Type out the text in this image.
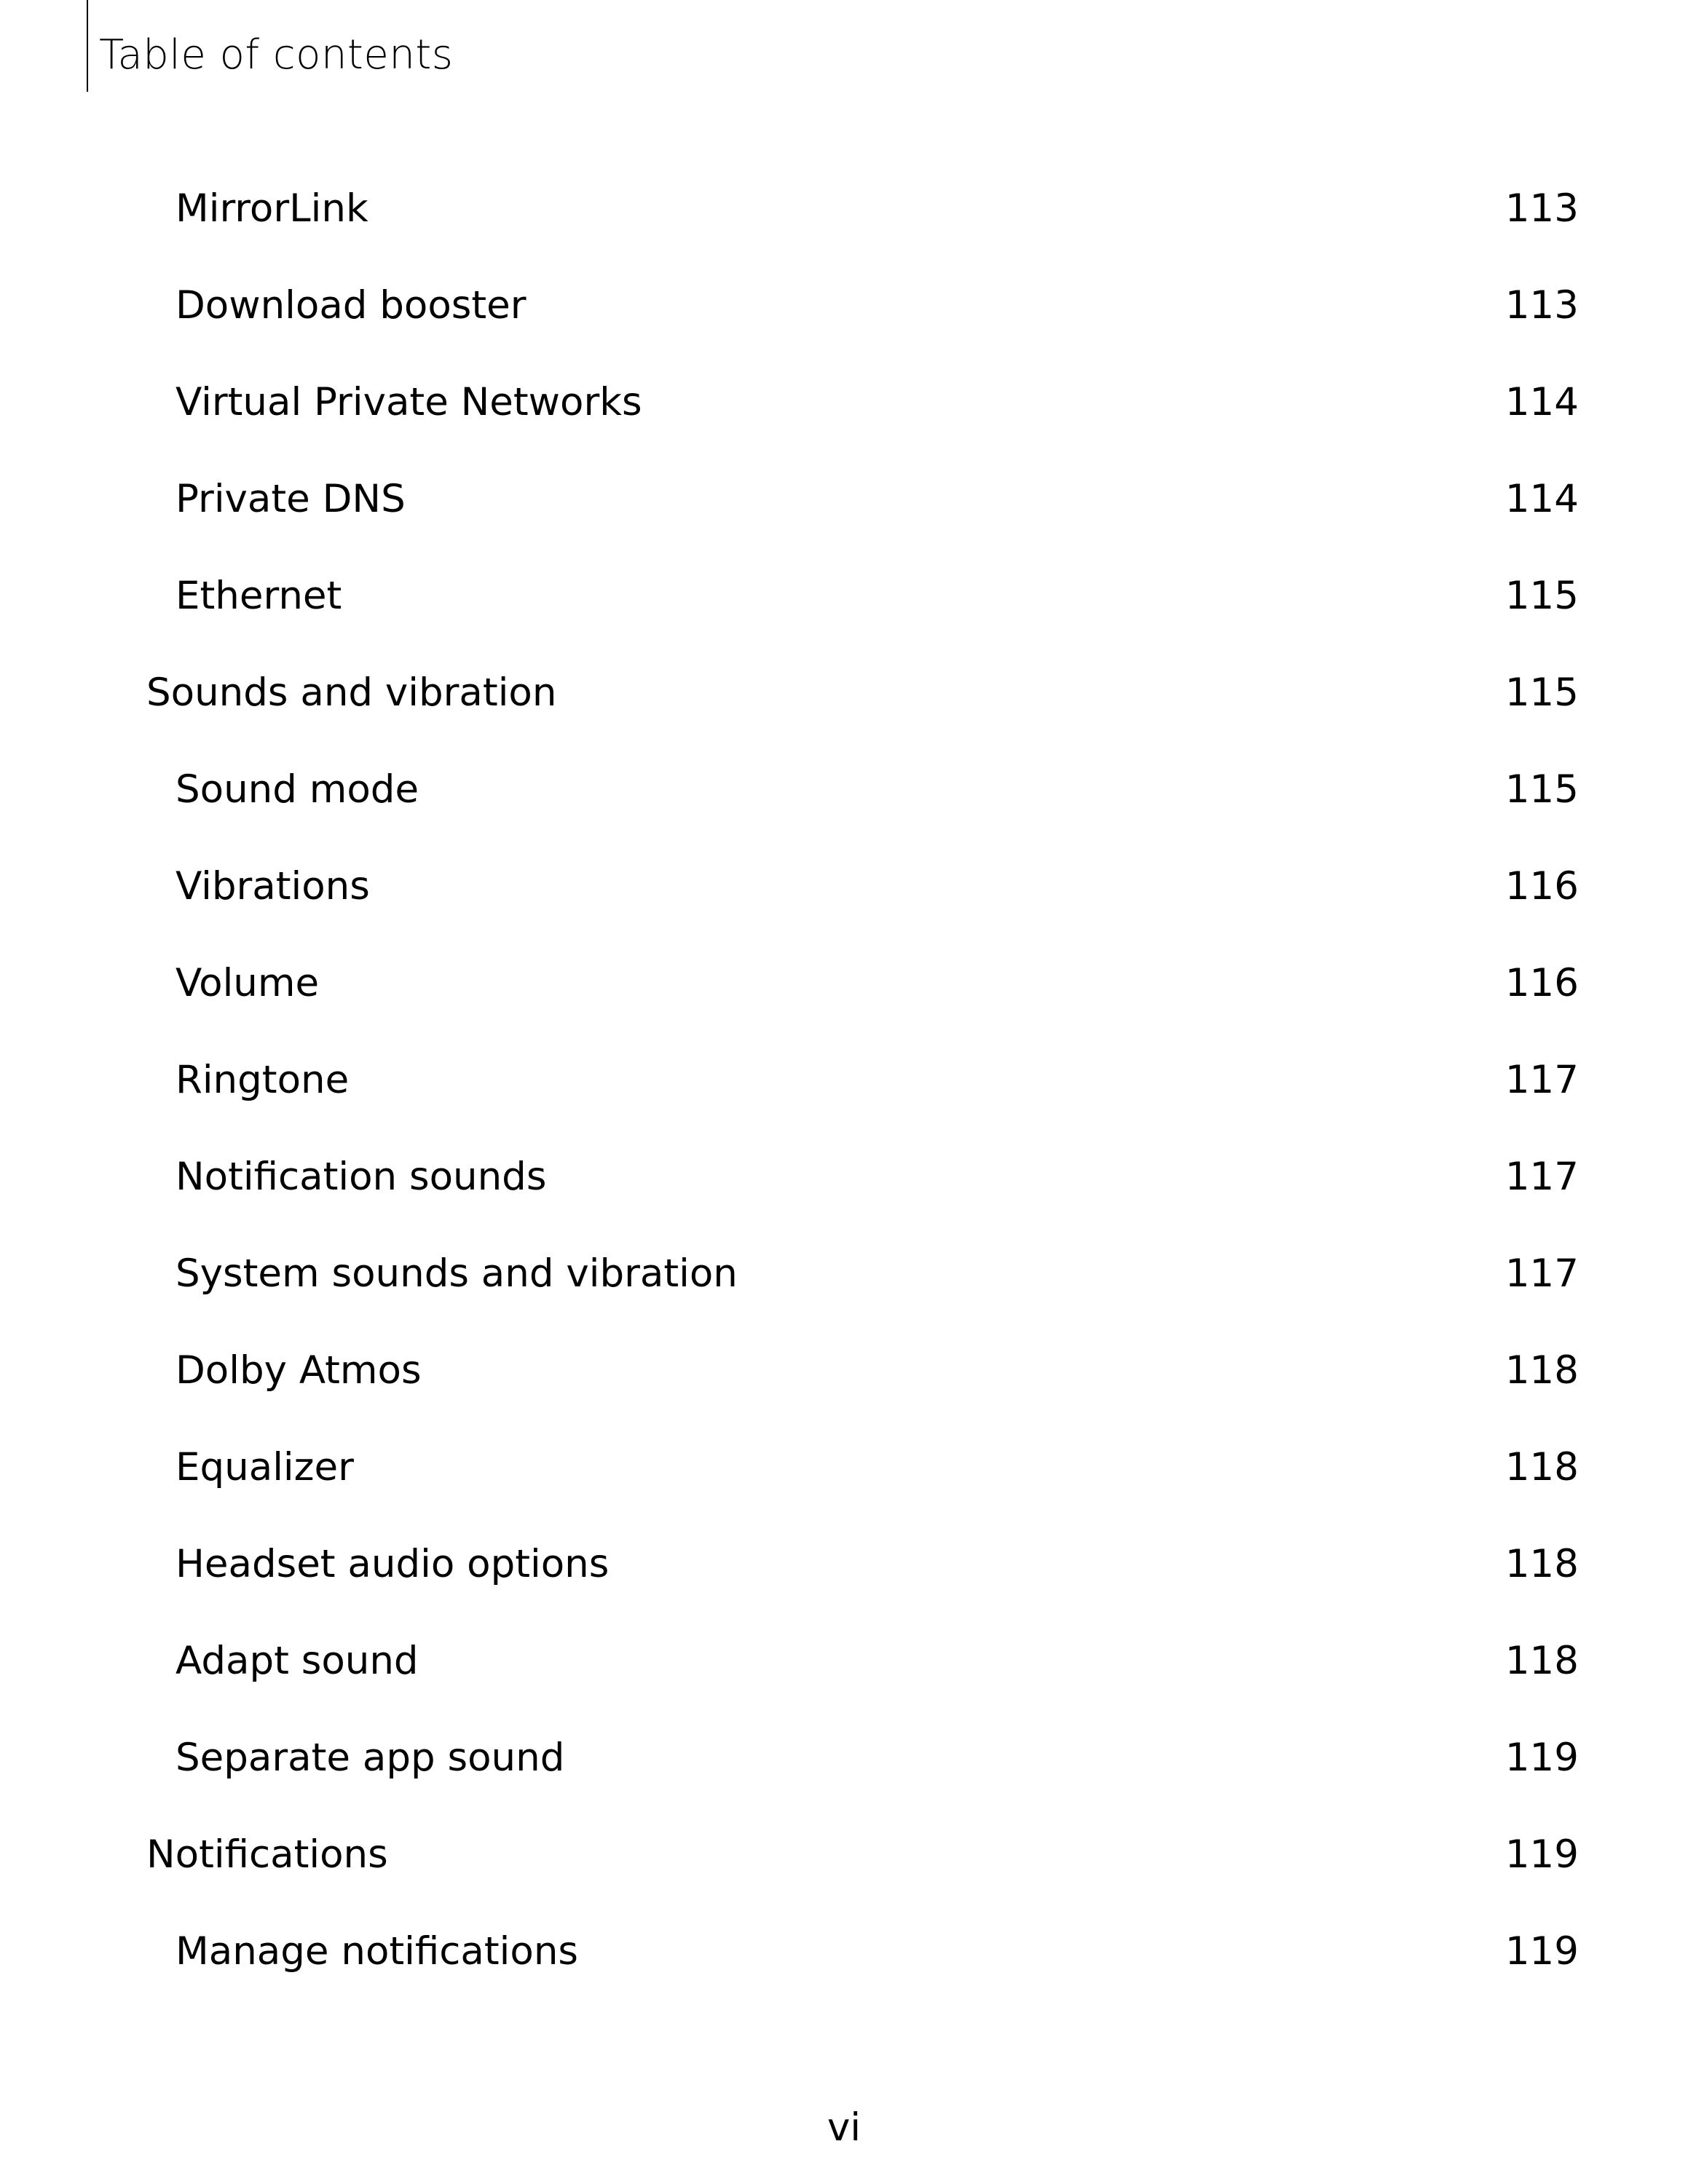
Table of contents
MirrorLink	113
Download booster	113
Virtual Private Networks	114
Private DNS	114
Ethernet	115
Sounds and vibration	115
Sound mode	115
Vibrations	116
Volume	116
Ringtone	117
Notification sounds	117
System sounds and vibration	117
Dolby Atmos	118
Equalizer	118
Headset audio options	118
Adapt sound	118
Separate app sound	119
Notifications	119
Manage notifications	119
vi
